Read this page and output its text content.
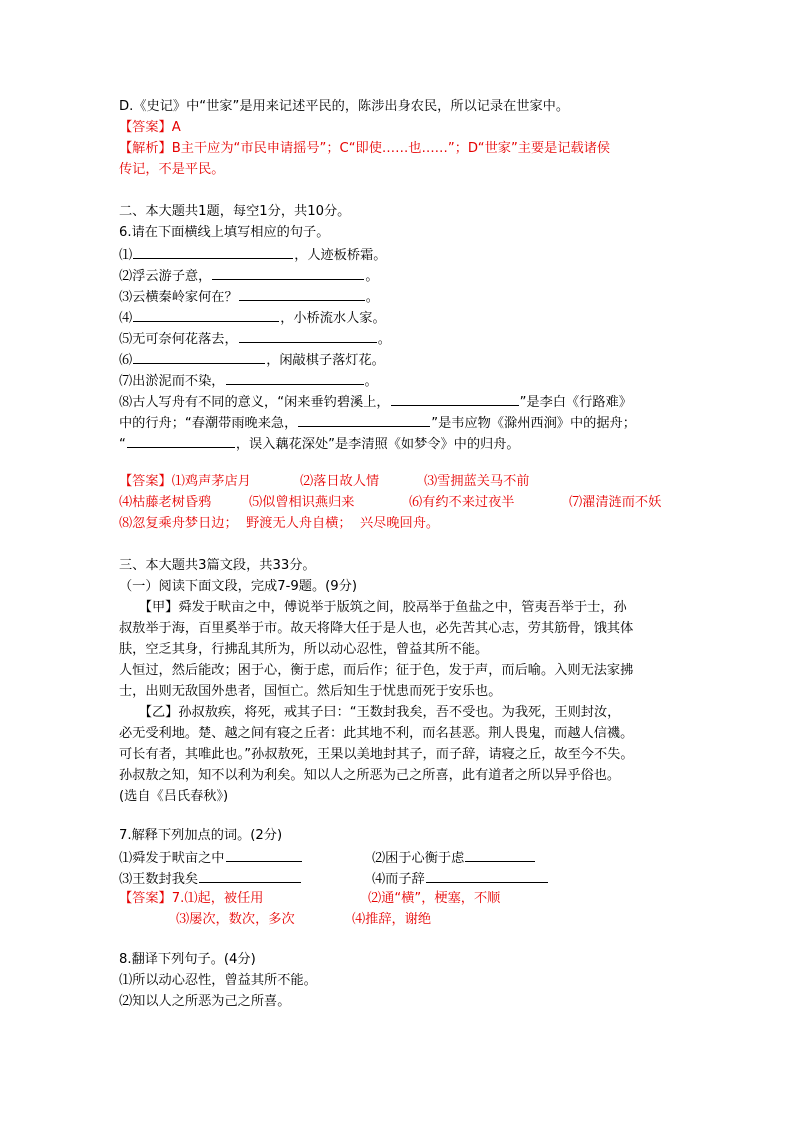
D.《史记》中“世家”是用来记述平民的，陈涉出身农民，所以记录在世家中。
【答案】A
【解析】B主干应为“市民申请摇号”；C“即使……也……”；D“世家”主要是记载诸侯
传记，不是平民。
二、本大题共1题，每空1分，共10分。
6.请在下面横线上填写相应的句子。
⑴	，人迹板桥霜。
⑵浮云游子意，	。
⑶云横秦岭家何在？	。
⑷	，小桥流水人家。
⑸无可奈何花落去，	。
⑹	，闲敲棋子落灯花。
⑺出淤泥而不染，	。
⑻古人写舟有不同的意义，“闲来垂钓碧溪上，	”是李白《行路难》
中的行舟；“春潮带雨晚来急，	”是韦应物《滁州西涧》中的据舟；
“	，误入藕花深处”是李清照《如梦令》中的归舟。
【答案】⑴鸡声茅店月	⑵落日故人情	⑶雪拥蓝关马不前
⑷枯藤老树昏鸦	⑸似曾相识燕归来	⑹有约不来过夜半	⑺濯清涟而不妖
⑻忽复乘舟梦日边；  野渡无人舟自横；  兴尽晚回舟。
三、本大题共3篇文段，共33分。
（一）阅读下面文段，完成7-9题。(9分)
　　【甲】舜发于畎亩之中，傅说举于版筑之间，胶鬲举于鱼盐之中，管夷吾举于士，孙
叔敖举于海，百里奚举于市。故天将降大任于是人也，必先苦其心志，劳其筋骨，饿其体
肤，空乏其身，行拂乱其所为，所以动心忍性，曾益其所不能。
人恒过，然后能改；困于心，衡于虑，而后作；征于色，发于声，而后喻。入则无法家拂
士，出则无敌国外患者，国恒亡。然后知生于忧患而死于安乐也。
　　【乙】孙叔敖疾，将死，戒其子曰：“王数封我矣，吾不受也。为我死，王则封汝，
必无受利地。楚、越之间有寝之丘者：此其地不利，而名甚恶。荆人畏鬼，而越人信禨。
可长有者，其唯此也。”孙叔敖死，王果以美地封其子，而子辞，请寝之丘，故至今不失。
孙叔敖之知，知不以利为利矣。知以人之所恶为己之所喜，此有道者之所以异乎俗也。
(选自《吕氏春秋》)
7.解释下列加点的词。(2分)
⑴舜发于畎亩之中	⑵困于心衡于虑
⑶王数封我矣	⑷而子辞
【答案】7.⑴起，被任用	⑵通“横”，梗塞，不顺
⑶屡次，数次，多次	⑷推辞，谢绝
8.翻译下列句子。(4分)
⑴所以动心忍性，曾益其所不能。
⑵知以人之所恶为己之所喜。
